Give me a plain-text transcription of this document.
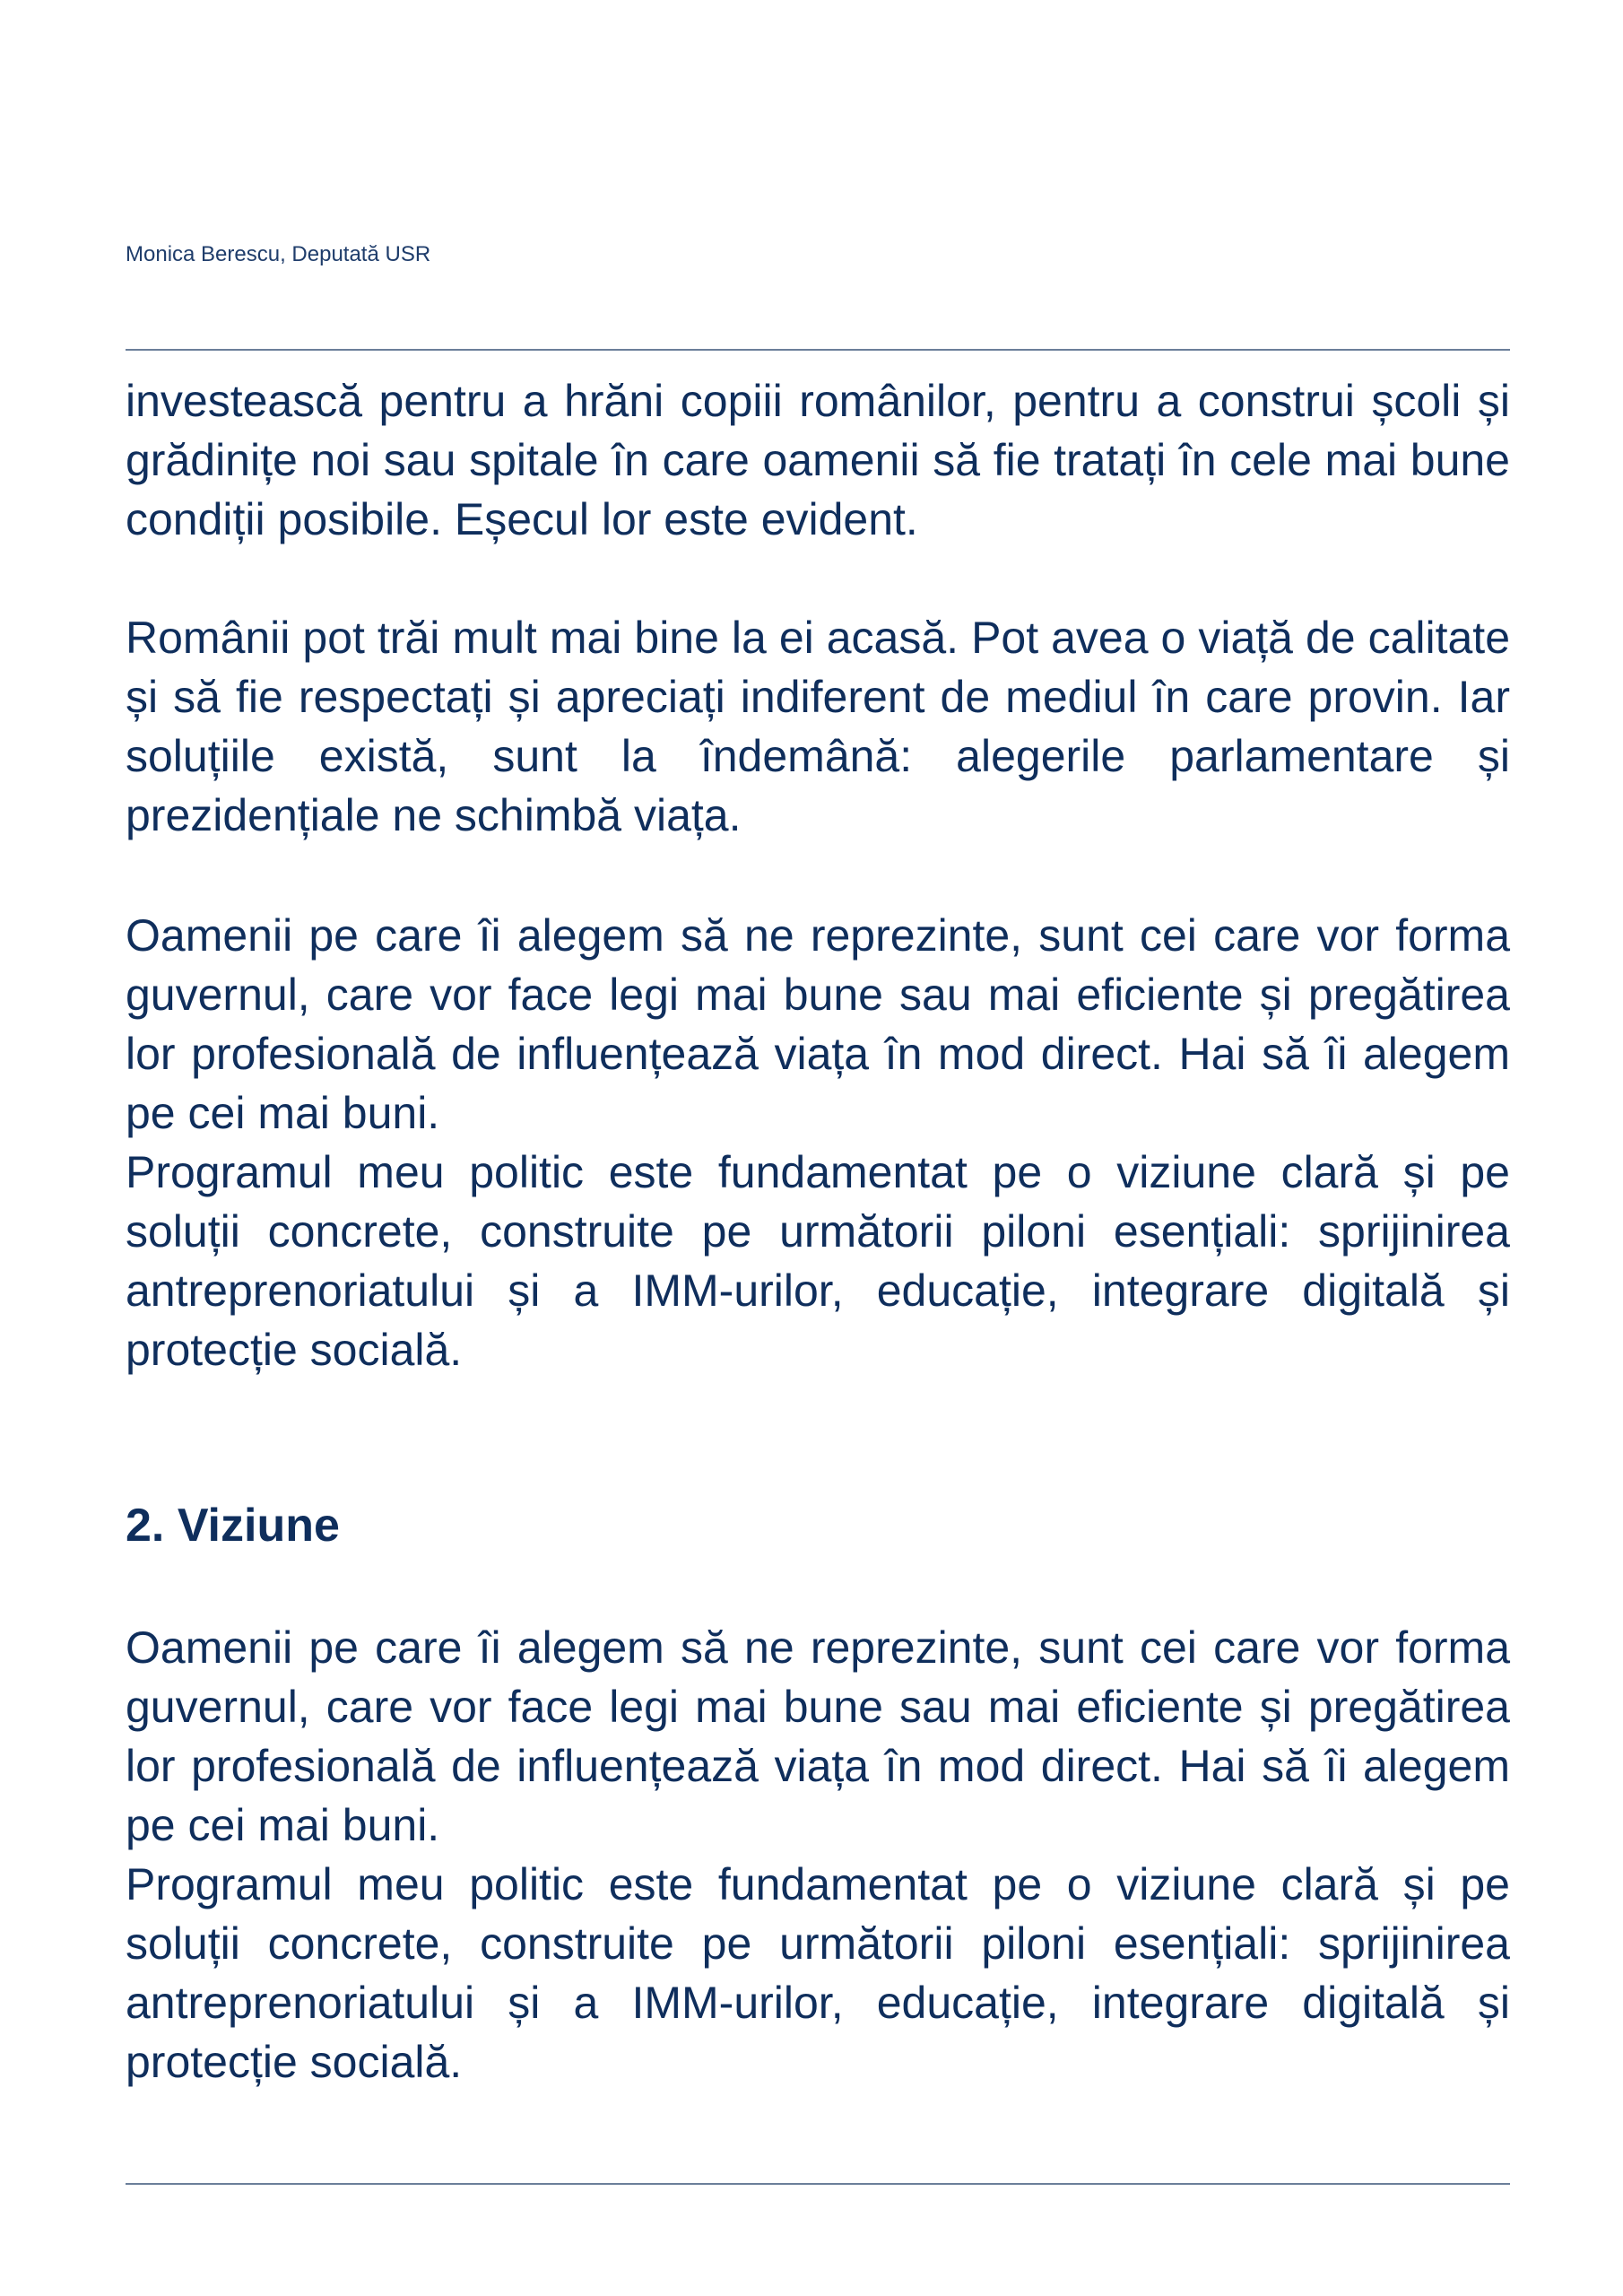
Monica Berescu, Deputată USR

investească pentru a hrăni copiii românilor, pentru a construi școli și grădinițe noi sau spitale în care oamenii să fie tratați în cele mai bune condiții posibile. Eșecul lor este evident.

Românii pot trăi mult mai bine la ei acasă. Pot avea o viață de calitate și să fie respectați și apreciați indiferent de mediul în care provin. Iar soluțiile există, sunt la îndemână: alegerile parlamentare și prezidențiale ne schimbă viața.

Oamenii pe care îi alegem să ne reprezinte, sunt cei care vor forma guvernul, care vor face legi mai bune sau mai eficiente și pregătirea lor profesională de influențează viața în mod direct. Hai să îi alegem pe cei mai buni.

Programul meu politic este fundamentat pe o viziune clară și pe soluții concrete, construite pe următorii piloni esențiali: sprijinirea antreprenoriatului și a IMM-urilor, educație, integrare digitală și protecție socială.

2. Viziune

Oamenii pe care îi alegem să ne reprezinte, sunt cei care vor forma guvernul, care vor face legi mai bune sau mai eficiente și pregătirea lor profesională de influențează viața în mod direct. Hai să îi alegem pe cei mai buni.

Programul meu politic este fundamentat pe o viziune clară și pe soluții concrete, construite pe următorii piloni esențiali: sprijinirea antreprenoriatului și a IMM-urilor, educație, integrare digitală și protecție socială.
